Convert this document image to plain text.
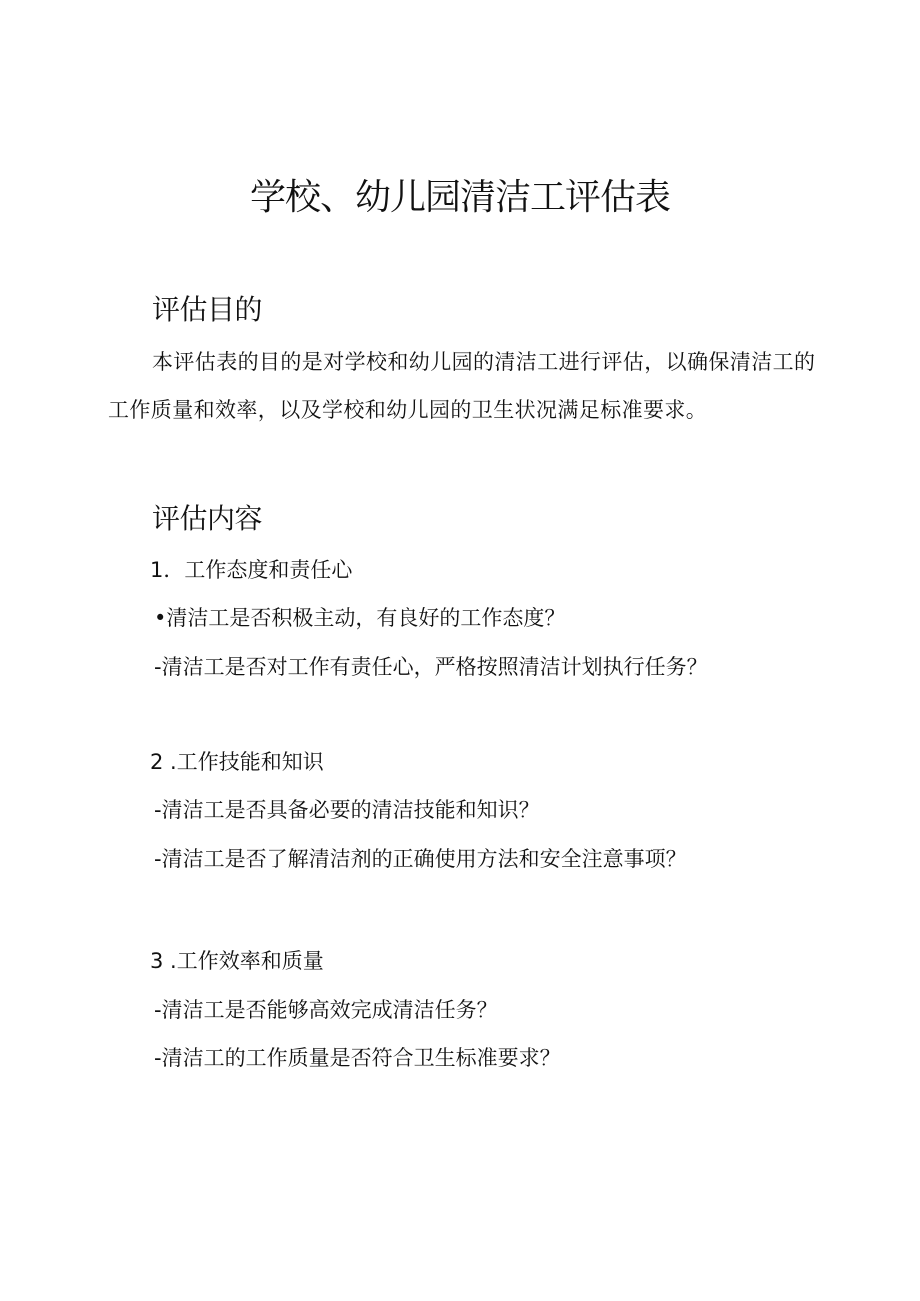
学校、幼儿园清洁工评估表
评估目的

本评估表的目的是对学校和幼儿园的清洁工进行评估，以确保清洁工的工作质量和效率，以及学校和幼儿园的卫生状况满足标准要求。

评估内容

1．工作态度和责任心

•清洁工是否积极主动，有良好的工作态度？

-清洁工是否对工作有责任心，严格按照清洁计划执行任务？

2 .工作技能和知识

-清洁工是否具备必要的清洁技能和知识？

-清洁工是否了解清洁剂的正确使用方法和安全注意事项？

3 .工作效率和质量

-清洁工是否能够高效完成清洁任务？

-清洁工的工作质量是否符合卫生标准要求？
